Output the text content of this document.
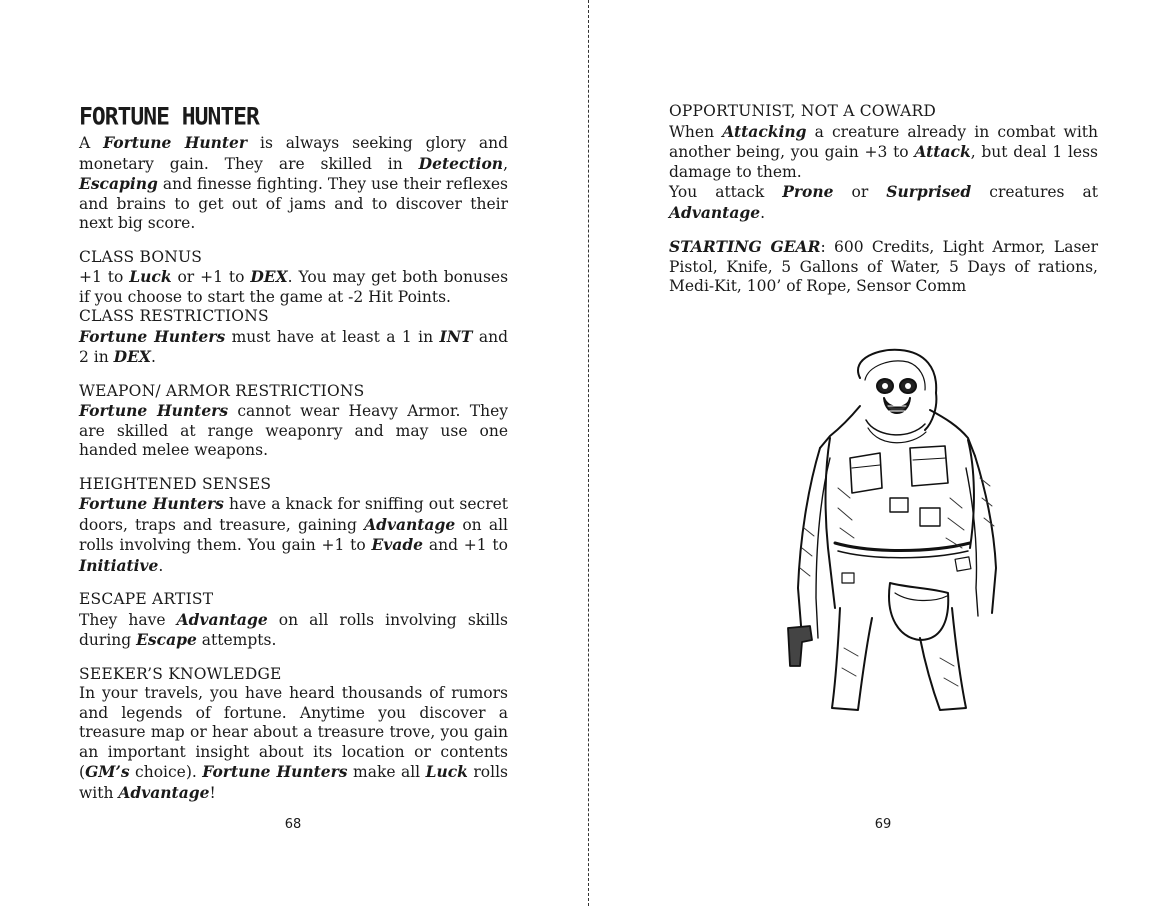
FORTUNE HUNTER

A Fortune Hunter is always seeking glory and monetary gain. They are skilled in Detection, Escaping and finesse fighting. They use their reflexes and brains to get out of jams and to discover their next big score.

CLASS BONUS

+1 to Luck or +1 to DEX. You may get both bonuses if you choose to start the game at -2 Hit Points.

CLASS RESTRICTIONS

Fortune Hunters must have at least a 1 in INT and 2 in DEX.

WEAPON/ ARMOR RESTRICTIONS

Fortune Hunters cannot wear Heavy Armor. They are skilled at range weaponry and may use one handed melee weapons.

HEIGHTENED SENSES

Fortune Hunters have a knack for sniffing out secret doors, traps and treasure, gaining Advantage on all rolls involving them. You gain +1 to Evade and +1 to Initiative.

ESCAPE ARTIST

They have Advantage on all rolls involving skills during Escape attempts.

SEEKER’S KNOWLEDGE

In your travels, you have heard thousands of rumors and legends of fortune. Anytime you discover a treasure map or hear about a treasure trove, you gain an important insight about its location or contents (GM’s choice). Fortune Hunters make all Luck rolls with Advantage!

68
OPPORTUNIST, NOT A COWARD

When Attacking a creature already in combat with another being, you gain +3 to Attack, but deal 1 less damage to them.

You attack Prone or Surprised creatures at Advantage.

STARTING GEAR: 600 Credits, Light Armor, Laser Pistol, Knife, 5 Gallons of Water, 5 Days of rations, Medi-Kit, 100’ of Rope, Sensor Comm

69
